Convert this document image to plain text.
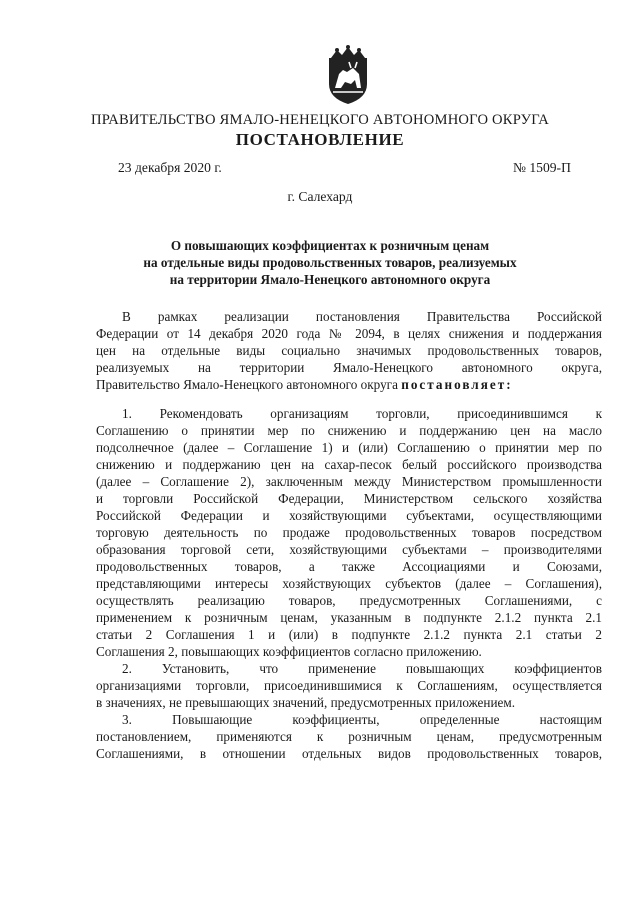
ПРАВИТЕЛЬСТВО ЯМАЛО-НЕНЕЦКОГО АВТОНОМНОГО ОКРУГА
ПОСТАНОВЛЕНИЕ
23 декабря 2020 г.	№ 1509-П
г. Салехард
О повышающих коэффициентах к розничным ценам
на отдельные виды продовольственных товаров, реализуемых
на территории Ямало-Ненецкого автономного округа
В рамках реализации постановления Правительства Российской
Федерации от 14 декабря 2020 года № 2094, в целях снижения и поддержания
цен на отдельные виды социально значимых продовольственных товаров,
реализуемых на территории Ямало-Ненецкого автономного округа,
Правительство Ямало-Ненецкого автономного округа постановляет:
1. Рекомендовать организациям торговли, присоединившимся к
Соглашению о принятии мер по снижению и поддержанию цен на масло
подсолнечное (далее – Соглашение 1) и (или) Соглашению о принятии мер по
снижению и поддержанию цен на сахар-песок белый российского производства
(далее – Соглашение 2), заключенным между Министерством промышленности
и торговли Российской Федерации, Министерством сельского хозяйства
Российской Федерации и хозяйствующими субъектами, осуществляющими
торговую деятельность по продаже продовольственных товаров посредством
образования торговой сети, хозяйствующими субъектами – производителями
продовольственных товаров, а также Ассоциациями и Союзами,
представляющими интересы хозяйствующих субъектов (далее – Соглашения),
осуществлять реализацию товаров, предусмотренных Соглашениями, с
применением к розничным ценам, указанным в подпункте 2.1.2 пункта 2.1
статьи 2 Соглашения 1 и (или) в подпункте 2.1.2 пункта 2.1 статьи 2
Соглашения 2, повышающих коэффициентов согласно приложению.
2. Установить, что применение повышающих коэффициентов
организациями торговли, присоединившимися к Соглашениям, осуществляется
в значениях, не превышающих значений, предусмотренных приложением.
3. Повышающие коэффициенты, определенные настоящим
постановлением, применяются к розничным ценам, предусмотренным
Соглашениями, в отношении отдельных видов продовольственных товаров,
